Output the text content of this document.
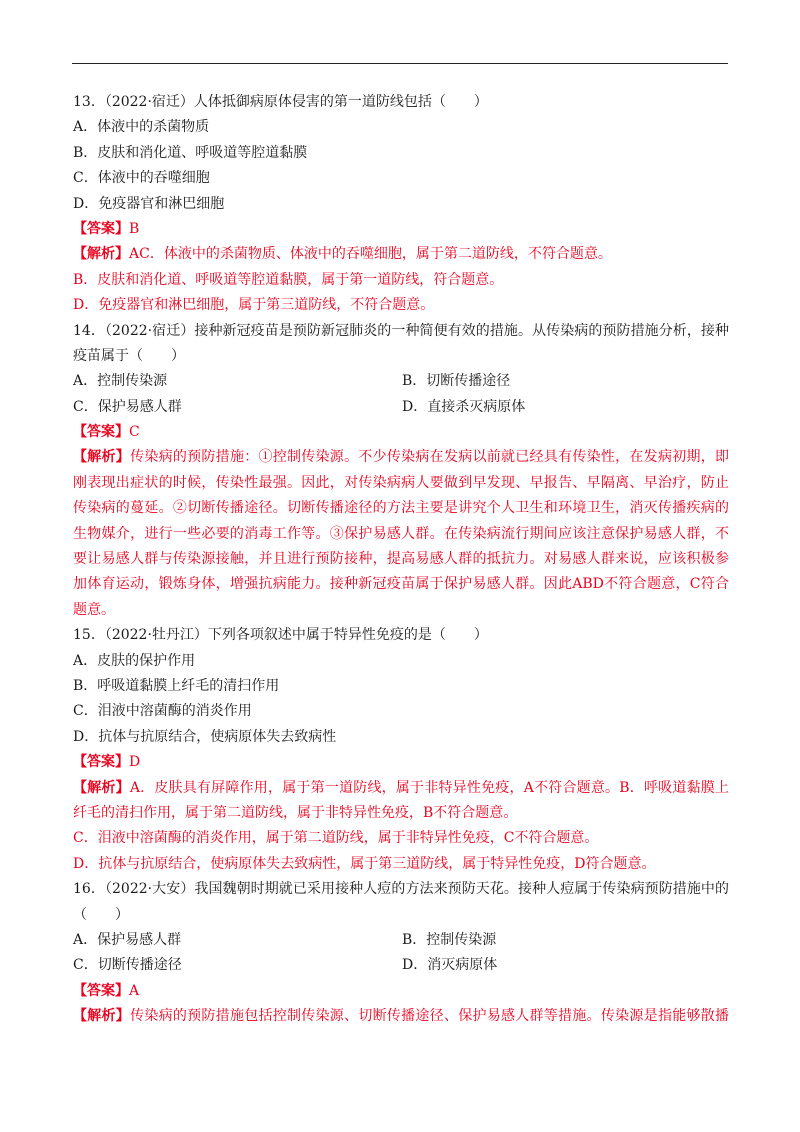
13．（2022·宿迁）人体抵御病原体侵害的第一道防线包括（　　）
A．体液中的杀菌物质
B．皮肤和消化道、呼吸道等腔道黏膜
C．体液中的吞噬细胞
D．免疫器官和淋巴细胞
【答案】B
【解析】AC．体液中的杀菌物质、体液中的吞噬细胞，属于第二道防线，不符合题意。
B．皮肤和消化道、呼吸道等腔道黏膜，属于第一道防线，符合题意。
D．免疫器官和淋巴细胞，属于第三道防线，不符合题意。
14．（2022·宿迁）接种新冠疫苗是预防新冠肺炎的一种简便有效的措施。从传染病的预防措施分析，接种
疫苗属于（　　）
A．控制传染源	B．切断传播途径
C．保护易感人群	D．直接杀灭病原体
【答案】C
【解析】传染病的预防措施：①控制传染源。不少传染病在发病以前就已经具有传染性，在发病初期，即
刚表现出症状的时候，传染性最强。因此，对传染病病人要做到早发现、早报告、早隔离、早治疗，防止
传染病的蔓延。②切断传播途径。切断传播途径的方法主要是讲究个人卫生和环境卫生，消灭传播疾病的
生物媒介，进行一些必要的消毒工作等。③保护易感人群。在传染病流行期间应该注意保护易感人群，不
要让易感人群与传染源接触，并且进行预防接种，提高易感人群的抵抗力。对易感人群来说，应该积极参
加体育运动，锻炼身体，增强抗病能力。接种新冠疫苗属于保护易感人群。因此ABD不符合题意，C符合
题意。
15．（2022·牡丹江）下列各项叙述中属于特异性免疫的是（　　）
A．皮肤的保护作用
B．呼吸道黏膜上纤毛的清扫作用
C．泪液中溶菌酶的消炎作用
D．抗体与抗原结合，使病原体失去致病性
【答案】D
【解析】A．皮肤具有屏障作用，属于第一道防线，属于非特异性免疫，A不符合题意。B．呼吸道黏膜上
纤毛的清扫作用，属于第二道防线，属于非特异性免疫，B不符合题意。
C．泪液中溶菌酶的消炎作用，属于第二道防线，属于非特异性免疫，C不符合题意。
D．抗体与抗原结合，使病原体失去致病性，属于第三道防线，属于特异性免疫，D符合题意。
16．（2022·大安）我国魏朝时期就已采用接种人痘的方法来预防天花。接种人痘属于传染病预防措施中的
（　　）
A．保护易感人群	B．控制传染源
C．切断传播途径	D．消灭病原体
【答案】A
【解析】传染病的预防措施包括控制传染源、切断传播途径、保护易感人群等措施。传染源是指能够散播
